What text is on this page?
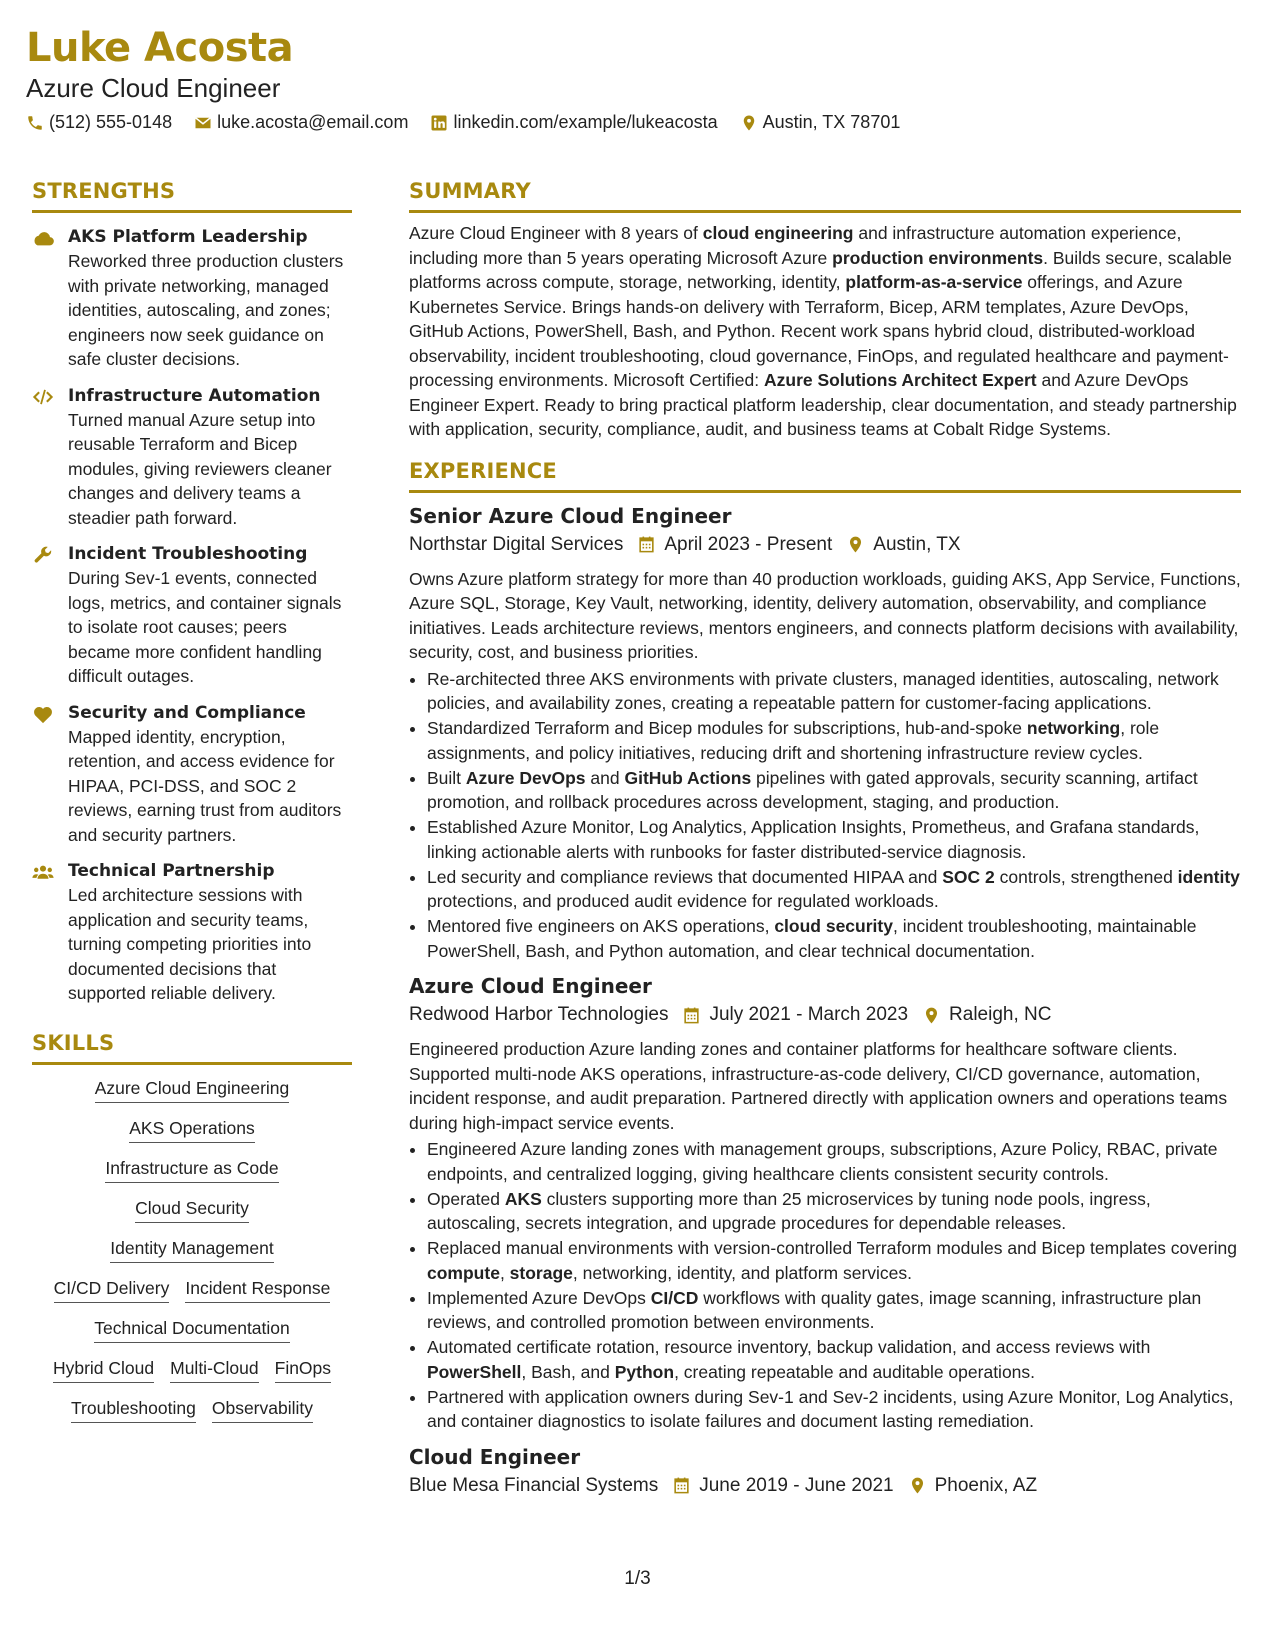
Luke Acosta
Azure Cloud Engineer
(512) 555-0148	luke.acosta@email.com	linkedin.com/example/lukeacosta	Austin, TX 78701
STRENGTHS
AKS Platform Leadership
Reworked three production clusters with private networking, managed identities, autoscaling, and zones; engineers now seek guidance on safe cluster decisions.
Infrastructure Automation
Turned manual Azure setup into reusable Terraform and Bicep modules, giving reviewers cleaner changes and delivery teams a steadier path forward.
Incident Troubleshooting
During Sev-1 events, connected logs, metrics, and container signals to isolate root causes; peers became more confident handling difficult outages.
Security and Compliance
Mapped identity, encryption, retention, and access evidence for HIPAA, PCI-DSS, and SOC 2 reviews, earning trust from auditors and security partners.
Technical Partnership
Led architecture sessions with application and security teams, turning competing priorities into documented decisions that supported reliable delivery.
SKILLS
Azure Cloud Engineering
AKS Operations
Infrastructure as Code
Cloud Security
Identity Management
CI/CD Delivery Incident Response
Technical Documentation
Hybrid Cloud Multi-Cloud FinOps
Troubleshooting Observability
SUMMARY
Azure Cloud Engineer with 8 years of cloud engineering and infrastructure automation experience, including more than 5 years operating Microsoft Azure production environments. Builds secure, scalable platforms across compute, storage, networking, identity, platform-as-a-service offerings, and Azure Kubernetes Service. Brings hands-on delivery with Terraform, Bicep, ARM templates, Azure DevOps, GitHub Actions, PowerShell, Bash, and Python. Recent work spans hybrid cloud, distributed-workload observability, incident troubleshooting, cloud governance, FinOps, and regulated healthcare and payment-processing environments. Microsoft Certified: Azure Solutions Architect Expert and Azure DevOps Engineer Expert. Ready to bring practical platform leadership, clear documentation, and steady partnership with application, security, compliance, audit, and business teams at Cobalt Ridge Systems.
EXPERIENCE
Senior Azure Cloud Engineer
Northstar Digital Services April 2023 - Present Austin, TX
Owns Azure platform strategy for more than 40 production workloads, guiding AKS, App Service, Functions, Azure SQL, Storage, Key Vault, networking, identity, delivery automation, observability, and compliance initiatives. Leads architecture reviews, mentors engineers, and connects platform decisions with availability, security, cost, and business priorities.
• Re-architected three AKS environments with private clusters, managed identities, autoscaling, network policies, and availability zones, creating a repeatable pattern for customer-facing applications.
• Standardized Terraform and Bicep modules for subscriptions, hub-and-spoke networking, role assignments, and policy initiatives, reducing drift and shortening infrastructure review cycles.
• Built Azure DevOps and GitHub Actions pipelines with gated approvals, security scanning, artifact promotion, and rollback procedures across development, staging, and production.
• Established Azure Monitor, Log Analytics, Application Insights, Prometheus, and Grafana standards, linking actionable alerts with runbooks for faster distributed-service diagnosis.
• Led security and compliance reviews that documented HIPAA and SOC 2 controls, strengthened identity protections, and produced audit evidence for regulated workloads.
• Mentored five engineers on AKS operations, cloud security, incident troubleshooting, maintainable PowerShell, Bash, and Python automation, and clear technical documentation.
Azure Cloud Engineer
Redwood Harbor Technologies July 2021 - March 2023 Raleigh, NC
Engineered production Azure landing zones and container platforms for healthcare software clients. Supported multi-node AKS operations, infrastructure-as-code delivery, CI/CD governance, automation, incident response, and audit preparation. Partnered directly with application owners and operations teams during high-impact service events.
• Engineered Azure landing zones with management groups, subscriptions, Azure Policy, RBAC, private endpoints, and centralized logging, giving healthcare clients consistent security controls.
• Operated AKS clusters supporting more than 25 microservices by tuning node pools, ingress, autoscaling, secrets integration, and upgrade procedures for dependable releases.
• Replaced manual environments with version-controlled Terraform modules and Bicep templates covering compute, storage, networking, identity, and platform services.
• Implemented Azure DevOps CI/CD workflows with quality gates, image scanning, infrastructure plan reviews, and controlled promotion between environments.
• Automated certificate rotation, resource inventory, backup validation, and access reviews with PowerShell, Bash, and Python, creating repeatable and auditable operations.
• Partnered with application owners during Sev-1 and Sev-2 incidents, using Azure Monitor, Log Analytics, and container diagnostics to isolate failures and document lasting remediation.
Cloud Engineer
Blue Mesa Financial Systems June 2019 - June 2021 Phoenix, AZ
1/3
